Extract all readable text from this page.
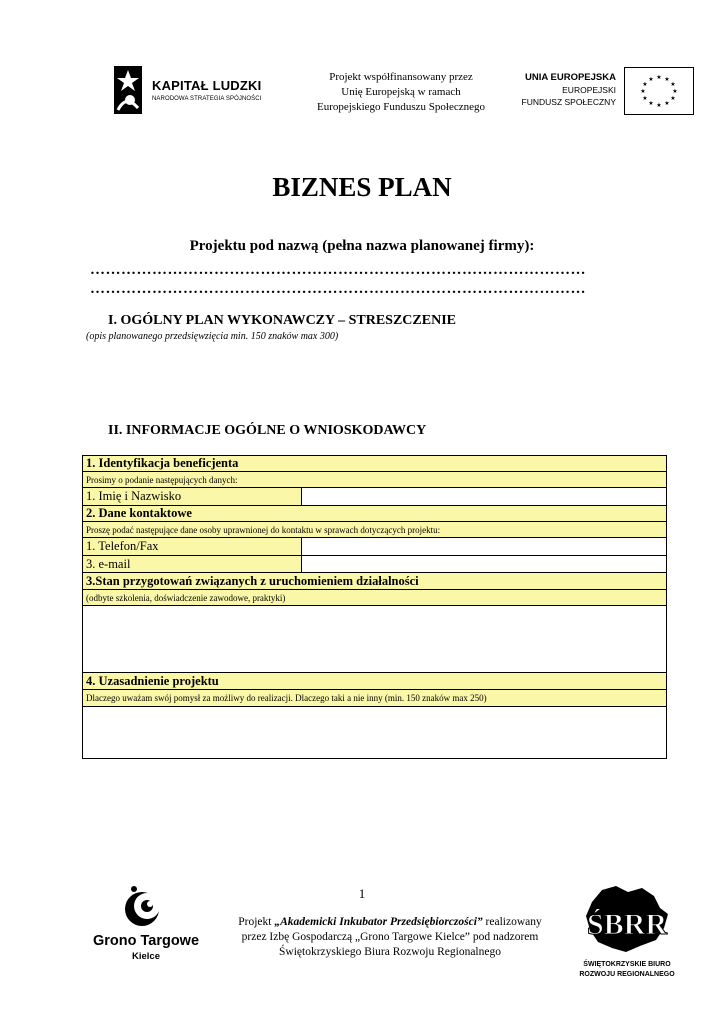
KAPITAŁ LUDZKI
NARODOWA STRATEGIA SPÓJNOŚCI
Projekt współfinansowany przez
Unię Europejską w ramach
Europejskiego Funduszu Społecznego
UNIA EUROPEJSKA
EUROPEJSKI
FUNDUSZ SPOŁECZNY
★ ★
★
★
★
★
★
★
★
★
★
★
BIZNES PLAN
Projektu pod nazwą (pełna nazwa planowanej firmy):
……………………………………………………………………………………
……………………………………………………………………………………
I. OGÓLNY PLAN WYKONAWCZY – STRESZCZENIE
(opis planowanego przedsięwzięcia min. 150 znaków max 300)
II. INFORMACJE OGÓLNE O WNIOSKODAWCY
1. Identyfikacja beneficjenta
Prosimy o podanie następujących danych:
1. Imię i Nazwisko
2. Dane kontaktowe
Proszę podać następujące dane osoby uprawnionej do kontaktu w sprawach dotyczących projektu:
1. Telefon/Fax
3. e-mail
3.Stan przygotowań związanych z uruchomieniem działalności
(odbyte szkolenia, doświadczenie zawodowe, praktyki)
4. Uzasadnienie projektu
Dlaczego uważam swój pomysł za możliwy do realizacji. Dlaczego taki a nie inny (min. 150 znaków max 250)
1
Grono Targowe
Kielce
Projekt „Akademicki Inkubator Przedsiębiorczości” realizowany
przez Izbę Gospodarczą „Grono Targowe Kielce” pod nadzorem
Świętokrzyskiego Biura Rozwoju Regionalnego
ŚBRR
ŚWIĘTOKRZYSKIE BIURO
ROZWOJU REGIONALNEGO
